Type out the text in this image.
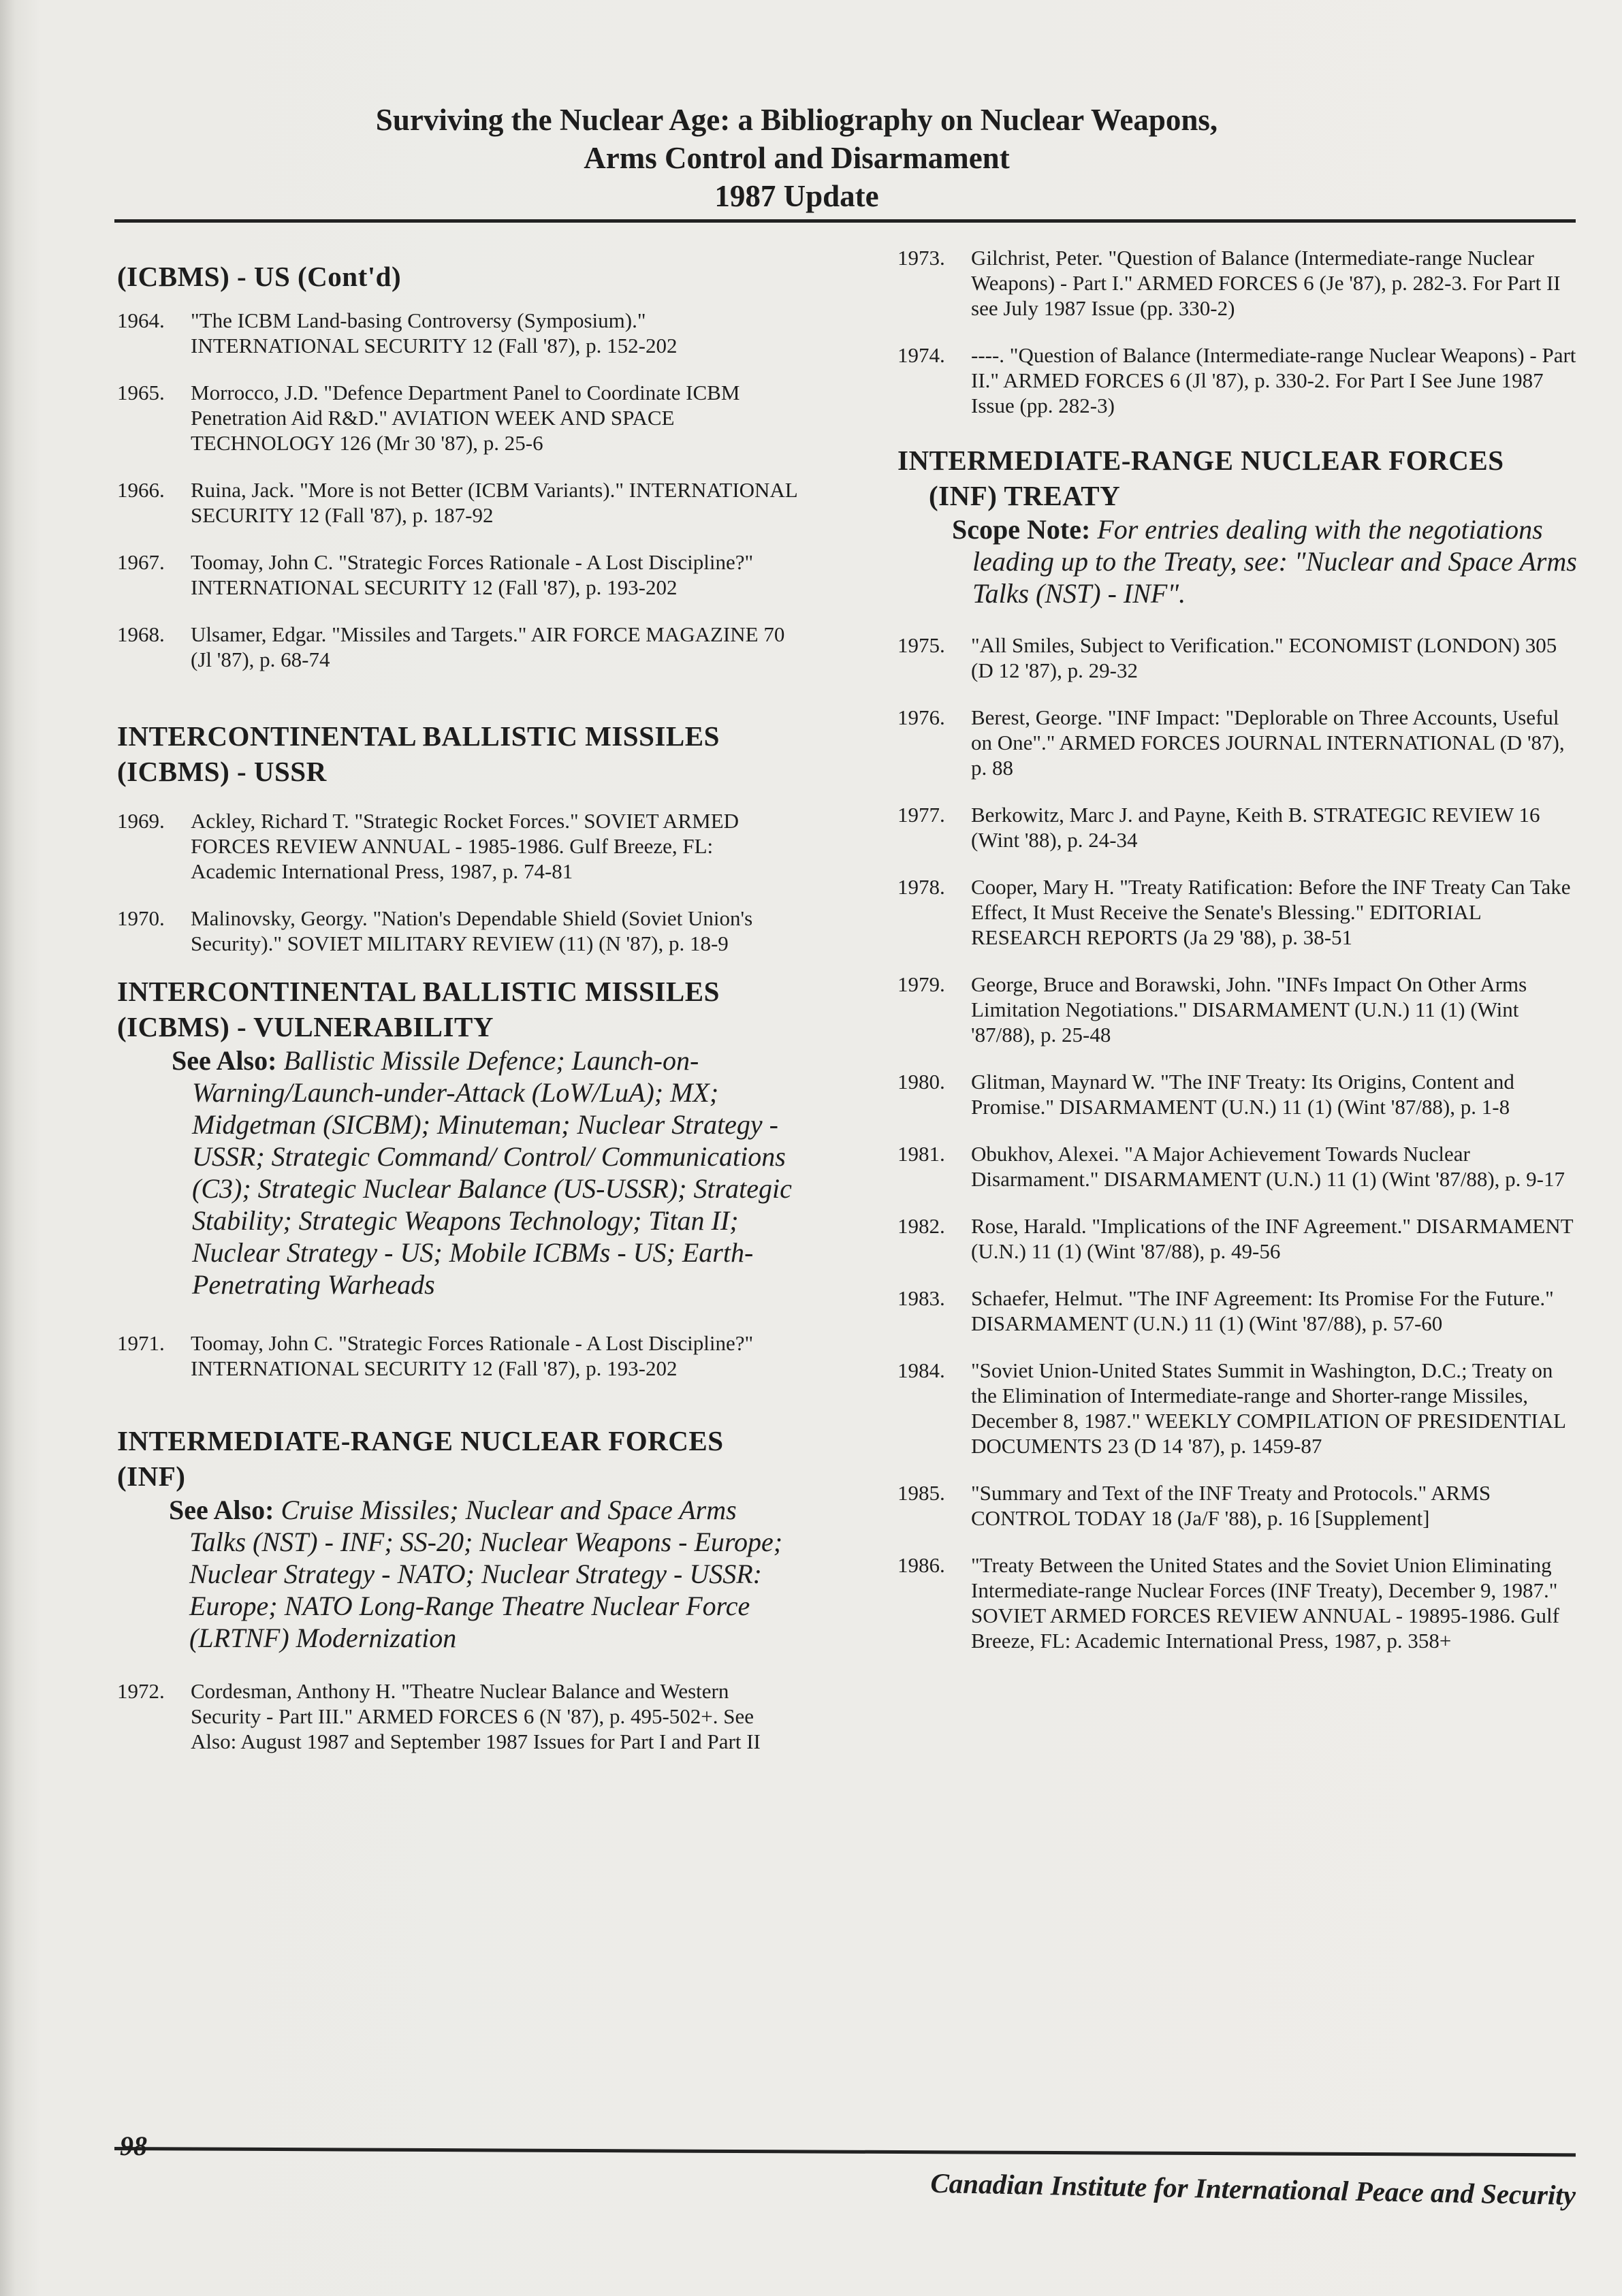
Surviving the Nuclear Age: a Bibliography on Nuclear Weapons,
Arms Control and Disarmament
1987 Update
(ICBMS) - US (Cont'd)
1964. "The ICBM Land-basing Controversy (Symposium)." INTERNATIONAL SECURITY 12 (Fall '87), p. 152-202
1965. Morrocco, J.D. "Defence Department Panel to Coordinate ICBM Penetration Aid R&D." AVIATION WEEK AND SPACE TECHNOLOGY 126 (Mr 30 '87), p. 25-6
1966. Ruina, Jack. "More is not Better (ICBM Variants)." INTERNATIONAL SECURITY 12 (Fall '87), p. 187-92
1967. Toomay, John C. "Strategic Forces Rationale - A Lost Discipline?" INTERNATIONAL SECURITY 12 (Fall '87), p. 193-202
1968. Ulsamer, Edgar. "Missiles and Targets." AIR FORCE MAGAZINE 70 (Jl '87), p. 68-74
INTERCONTINENTAL BALLISTIC MISSILES
(ICBMS) - USSR
1969. Ackley, Richard T. "Strategic Rocket Forces." SOVIET ARMED FORCES REVIEW ANNUAL - 1985-1986. Gulf Breeze, FL: Academic International Press, 1987, p. 74-81
1970. Malinovsky, Georgy. "Nation's Dependable Shield (Soviet Union's Security)." SOVIET MILITARY REVIEW (11) (N '87), p. 18-9
INTERCONTINENTAL BALLISTIC MISSILES
(ICBMS) - VULNERABILITY
See Also: Ballistic Missile Defence; Launch-on-Warning/Launch-under-Attack (LoW/LuA); MX; Midgetman (SICBM); Minuteman; Nuclear Strategy - USSR; Strategic Command/ Control/ Communications (C3); Strategic Nuclear Balance (US-USSR); Strategic Stability; Strategic Weapons Technology; Titan II; Nuclear Strategy - US; Mobile ICBMs - US; Earth-Penetrating Warheads
1971. Toomay, John C. "Strategic Forces Rationale - A Lost Discipline?" INTERNATIONAL SECURITY 12 (Fall '87), p. 193-202
INTERMEDIATE-RANGE NUCLEAR FORCES
(INF)
See Also: Cruise Missiles; Nuclear and Space Arms Talks (NST) - INF; SS-20; Nuclear Weapons - Europe; Nuclear Strategy - NATO; Nuclear Strategy - USSR: Europe; NATO Long-Range Theatre Nuclear Force (LRTNF) Modernization
1972. Cordesman, Anthony H. "Theatre Nuclear Balance and Western Security - Part III." ARMED FORCES 6 (N '87), p. 495-502+. See Also: August 1987 and September 1987 Issues for Part I and Part II
1973. Gilchrist, Peter. "Question of Balance (Intermediate-range Nuclear Weapons) - Part I." ARMED FORCES 6 (Je '87), p. 282-3. For Part II see July 1987 Issue (pp. 330-2)
1974. ----. "Question of Balance (Intermediate-range Nuclear Weapons) - Part II." ARMED FORCES 6 (Jl '87), p. 330-2. For Part I See June 1987 Issue (pp. 282-3)
INTERMEDIATE-RANGE NUCLEAR FORCES
(INF) TREATY
Scope Note: For entries dealing with the negotiations leading up to the Treaty, see: "Nuclear and Space Arms Talks (NST) - INF".
1975. "All Smiles, Subject to Verification." ECONOMIST (LONDON) 305 (D 12 '87), p. 29-32
1976. Berest, George. "INF Impact: "Deplorable on Three Accounts, Useful on One"." ARMED FORCES JOURNAL INTERNATIONAL (D '87), p. 88
1977. Berkowitz, Marc J. and Payne, Keith B. STRATEGIC REVIEW 16 (Wint '88), p. 24-34
1978. Cooper, Mary H. "Treaty Ratification: Before the INF Treaty Can Take Effect, It Must Receive the Senate's Blessing." EDITORIAL RESEARCH REPORTS (Ja 29 '88), p. 38-51
1979. George, Bruce and Borawski, John. "INFs Impact On Other Arms Limitation Negotiations." DISARMAMENT (U.N.) 11 (1) (Wint '87/88), p. 25-48
1980. Glitman, Maynard W. "The INF Treaty: Its Origins, Content and Promise." DISARMAMENT (U.N.) 11 (1) (Wint '87/88), p. 1-8
1981. Obukhov, Alexei. "A Major Achievement Towards Nuclear Disarmament." DISARMAMENT (U.N.) 11 (1) (Wint '87/88), p. 9-17
1982. Rose, Harald. "Implications of the INF Agreement." DISARMAMENT (U.N.) 11 (1) (Wint '87/88), p. 49-56
1983. Schaefer, Helmut. "The INF Agreement: Its Promise For the Future." DISARMAMENT (U.N.) 11 (1) (Wint '87/88), p. 57-60
1984. "Soviet Union-United States Summit in Washington, D.C.; Treaty on the Elimination of Intermediate-range and Shorter-range Missiles, December 8, 1987." WEEKLY COMPILATION OF PRESIDENTIAL DOCUMENTS 23 (D 14 '87), p. 1459-87
1985. "Summary and Text of the INF Treaty and Protocols." ARMS CONTROL TODAY 18 (Ja/F '88), p. 16 [Supplement]
1986. "Treaty Between the United States and the Soviet Union Eliminating Intermediate-range Nuclear Forces (INF Treaty), December 9, 1987." SOVIET ARMED FORCES REVIEW ANNUAL - 19895-1986. Gulf Breeze, FL: Academic International Press, 1987, p. 358+
98
Canadian Institute for International Peace and Security
